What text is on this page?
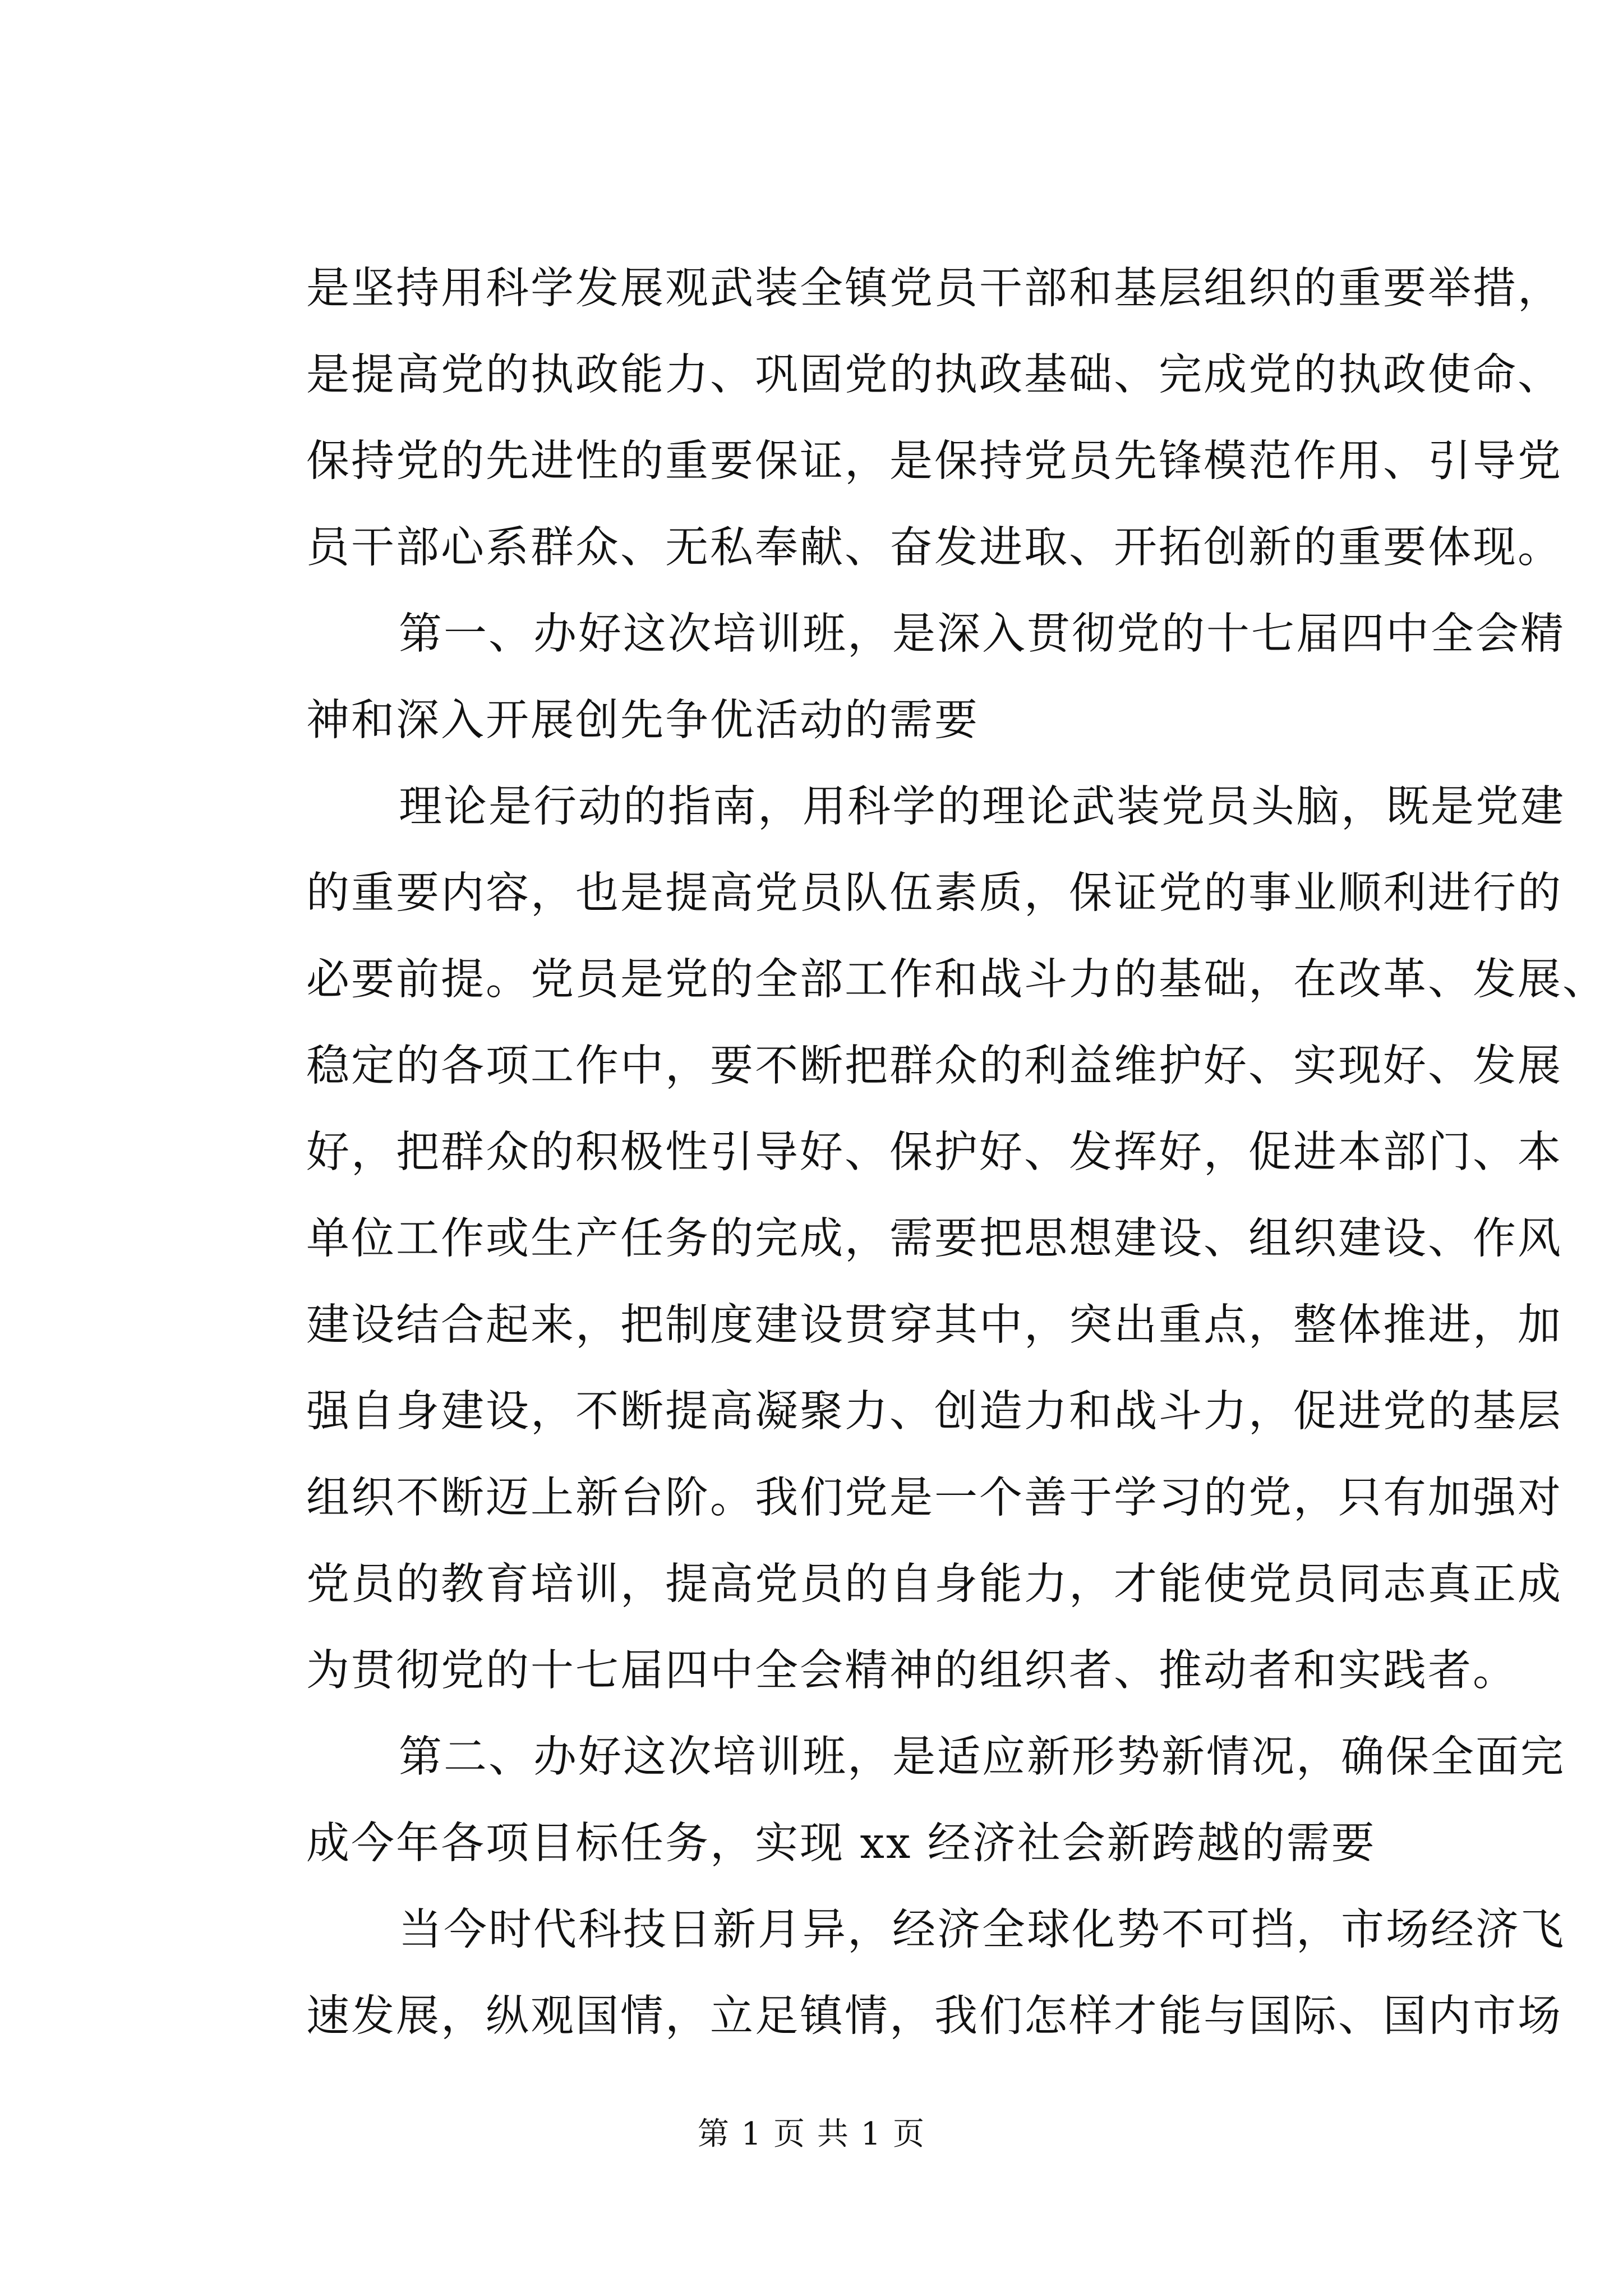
是坚持用科学发展观武装全镇党员干部和基层组织的重要举措，
是提高党的执政能力、巩固党的执政基础、完成党的执政使命、
保持党的先进性的重要保证，是保持党员先锋模范作用、引导党
员干部心系群众、无私奉献、奋发进取、开拓创新的重要体现。
第一、办好这次培训班，是深入贯彻党的十七届四中全会精
神和深入开展创先争优活动的需要
理论是行动的指南，用科学的理论武装党员头脑，既是党建
的重要内容，也是提高党员队伍素质，保证党的事业顺利进行的
必要前提。党员是党的全部工作和战斗力的基础，在改革、发展、
稳定的各项工作中，要不断把群众的利益维护好、实现好、发展
好，把群众的积极性引导好、保护好、发挥好，促进本部门、本
单位工作或生产任务的完成，需要把思想建设、组织建设、作风
建设结合起来，把制度建设贯穿其中，突出重点，整体推进，加
强自身建设，不断提高凝聚力、创造力和战斗力，促进党的基层
组织不断迈上新台阶。我们党是一个善于学习的党，只有加强对
党员的教育培训，提高党员的自身能力，才能使党员同志真正成
为贯彻党的十七届四中全会精神的组织者、推动者和实践者。
第二、办好这次培训班，是适应新形势新情况，确保全面完
成今年各项目标任务，实现 xx 经济社会新跨越的需要
当今时代科技日新月异，经济全球化势不可挡，市场经济飞
速发展，纵观国情，立足镇情，我们怎样才能与国际、国内市场
第 1 页 共 1 页
